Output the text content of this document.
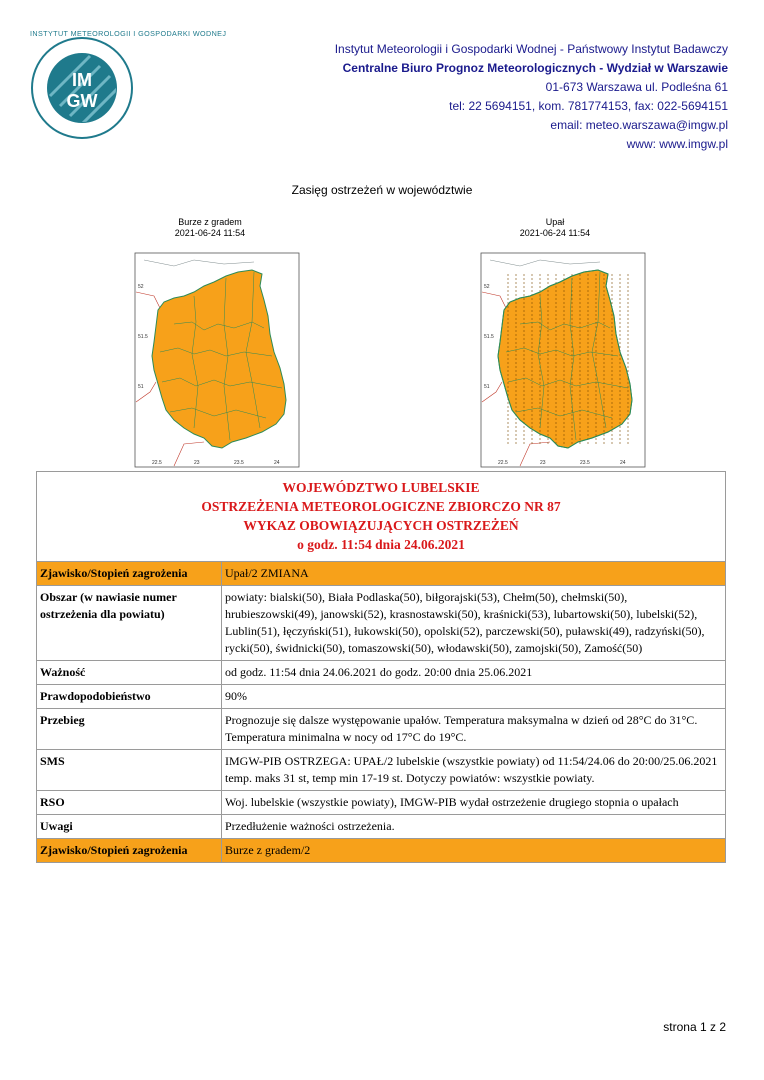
INSTYTUT METEOROLOGII I GOSPODARKI WODNEJ
IM
GW
Instytut Meteorologii i Gospodarki Wodnej - Państwowy Instytut Badawczy
Centralne Biuro Prognoz Meteorologicznych - Wydział w Warszawie
01-673 Warszawa ul. Podleśna 61
tel: 22 5694151, kom. 781774153, fax: 022-5694151
email: meteo.warszawa@imgw.pl
www: www.imgw.pl
Zasięg ostrzeżeń w województwie
Burze z gradem
2021-06-24 11:54
Upał
2021-06-24 11:54
52
51.5
51
22.5	23	23.5	24
52
51.5
51
22.5	23	23.5	24
WOJEWÓDZTWO LUBELSKIE
OSTRZEŻENIA METEOROLOGICZNE ZBIORCZO NR 87
WYKAZ OBOWIĄZUJĄCYCH OSTRZEŻEŃ
o godz. 11:54 dnia 24.06.2021	

Zjawisko/Stopień zagrożenia	Upał/2 ZMIANA
Obszar (w nawiasie numer ostrzeżenia dla powiatu)	powiaty: bialski(50), Biała Podlaska(50), biłgorajski(53), Chełm(50), chełmski(50), hrubieszowski(49), janowski(52), krasnostawski(50), kraśnicki(53), lubartowski(50), lubelski(52), Lublin(51), łęczyński(51), łukowski(50), opolski(52), parczewski(50), puławski(49), radzyński(50), rycki(50), świdnicki(50), tomaszowski(50), włodawski(50), zamojski(50), Zamość(50)
Ważność	od godz. 11:54 dnia 24.06.2021 do godz. 20:00 dnia 25.06.2021
Prawdopodobieństwo	90%
Przebieg	Prognozuje się dalsze występowanie upałów. Temperatura maksymalna w dzień od 28°C do 31°C. Temperatura minimalna w nocy od 17°C do 19°C.
SMS	IMGW-PIB OSTRZEGA: UPAŁ/2 lubelskie (wszystkie powiaty) od 11:54/24.06 do 20:00/25.06.2021 temp. maks 31 st, temp min 17-19 st. Dotyczy powiatów: wszystkie powiaty.
RSO	Woj. lubelskie (wszystkie powiaty), IMGW-PIB wydał ostrzeżenie drugiego stopnia o upałach
Uwagi	Przedłużenie ważności ostrzeżenia.
Zjawisko/Stopień zagrożenia	Burze z gradem/2
strona 1 z 2
